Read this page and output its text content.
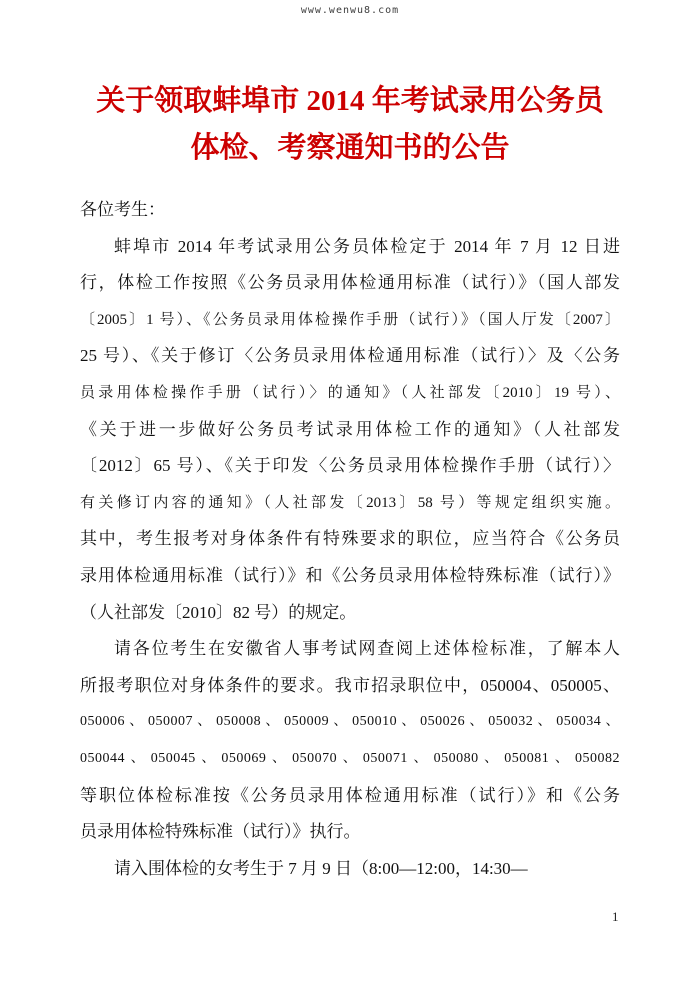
www.wenwu8.com
关于领取蚌埠市 2014 年考试录用公务员
体检、考察通知书的公告
各位考生：
蚌埠市 2014 年考试录用公务员体检定于 2014 年 7 月 12 日进
行，体检工作按照《公务员录用体检通用标准（试行）》（国人部发
〔2005〕1 号）、《公务员录用体检操作手册（试行）》（国人厅发〔2007〕
25 号）、《关于修订〈公务员录用体检通用标准（试行）〉及〈公务
员录用体检操作手册（试行）〉的通知》（人社部发〔2010〕19 号）、
《关于进一步做好公务员考试录用体检工作的通知》（人社部发
〔2012〕65 号）、《关于印发〈公务员录用体检操作手册（试行）〉
有关修订内容的通知》（人社部发〔2013〕58 号）等规定组织实施。
其中，考生报考对身体条件有特殊要求的职位，应当符合《公务员
录用体检通用标准（试行）》和《公务员录用体检特殊标准（试行）》
（人社部发〔2010〕82 号）的规定。
请各位考生在安徽省人事考试网查阅上述体检标准，了解本人
所报考职位对身体条件的要求。我市招录职位中，050004、050005、
050006、050007、050008、050009、050010、050026、050032、050034、
050044、050045、050069、050070、050071、050080、050081、050082
等职位体检标准按《公务员录用体检通用标准（试行）》和《公务
员录用体检特殊标准（试行）》执行。
请入围体检的女考生于 7 月 9 日（8:00—12:00，14:30—
1
